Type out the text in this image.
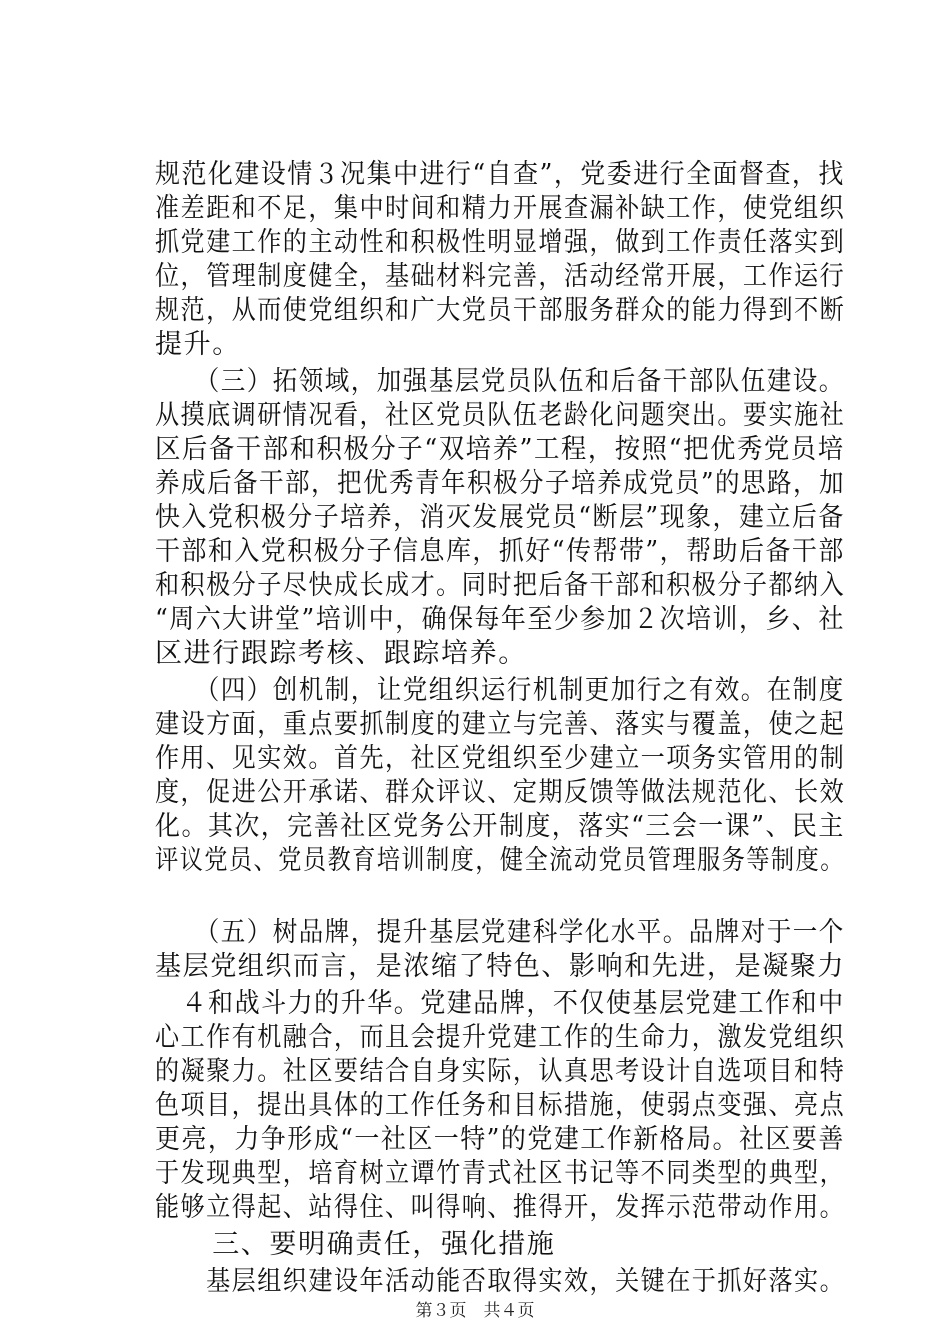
规范化建设情３况集中进行“自查”，党委进行全面督查，找
准差距和不足，集中时间和精力开展查漏补缺工作，使党组织
抓党建工作的主动性和积极性明显增强，做到工作责任落实到
位，管理制度健全，基础材料完善，活动经常开展，工作运行
规范，从而使党组织和广大党员干部服务群众的能力得到不断
提升。
　　（三）拓领域，加强基层党员队伍和后备干部队伍建设。
从摸底调研情况看，社区党员队伍老龄化问题突出。要实施社
区后备干部和积极分子“双培养”工程，按照“把优秀党员培
养成后备干部，把优秀青年积极分子培养成党员”的思路，加
快入党积极分子培养，消灭发展党员“断层”现象，建立后备
干部和入党积极分子信息库，抓好“传帮带”，帮助后备干部
和积极分子尽快成长成才。同时把后备干部和积极分子都纳入
“周六大讲堂”培训中，确保每年至少参加２次培训，乡、社
区进行跟踪考核、跟踪培养。
　　（四）创机制，让党组织运行机制更加行之有效。在制度
建设方面，重点要抓制度的建立与完善、落实与覆盖，使之起
作用、见实效。首先，社区党组织至少建立一项务实管用的制
度，促进公开承诺、群众评议、定期反馈等做法规范化、长效
化。其次，完善社区党务公开制度，落实“三会一课”、民主
评议党员、党员教育培训制度，健全流动党员管理服务等制度。
　　（五）树品牌，提升基层党建科学化水平。品牌对于一个
基层党组织而言，是浓缩了特色、影响和先进，是凝聚力
　４和战斗力的升华。党建品牌，不仅使基层党建工作和中
心工作有机融合，而且会提升党建工作的生命力，激发党组织
的凝聚力。社区要结合自身实际，认真思考设计自选项目和特
色项目，提出具体的工作任务和目标措施，使弱点变强、亮点
更亮，力争形成“一社区一特”的党建工作新格局。社区要善
于发现典型，培育树立谭竹青式社区书记等不同类型的典型，
能够立得起、站得住、叫得响、推得开，发挥示范带动作用。
　　三、要明确责任，强化措施
　　基层组织建设年活动能否取得实效，关键在于抓好落实。
第３页　共４页
